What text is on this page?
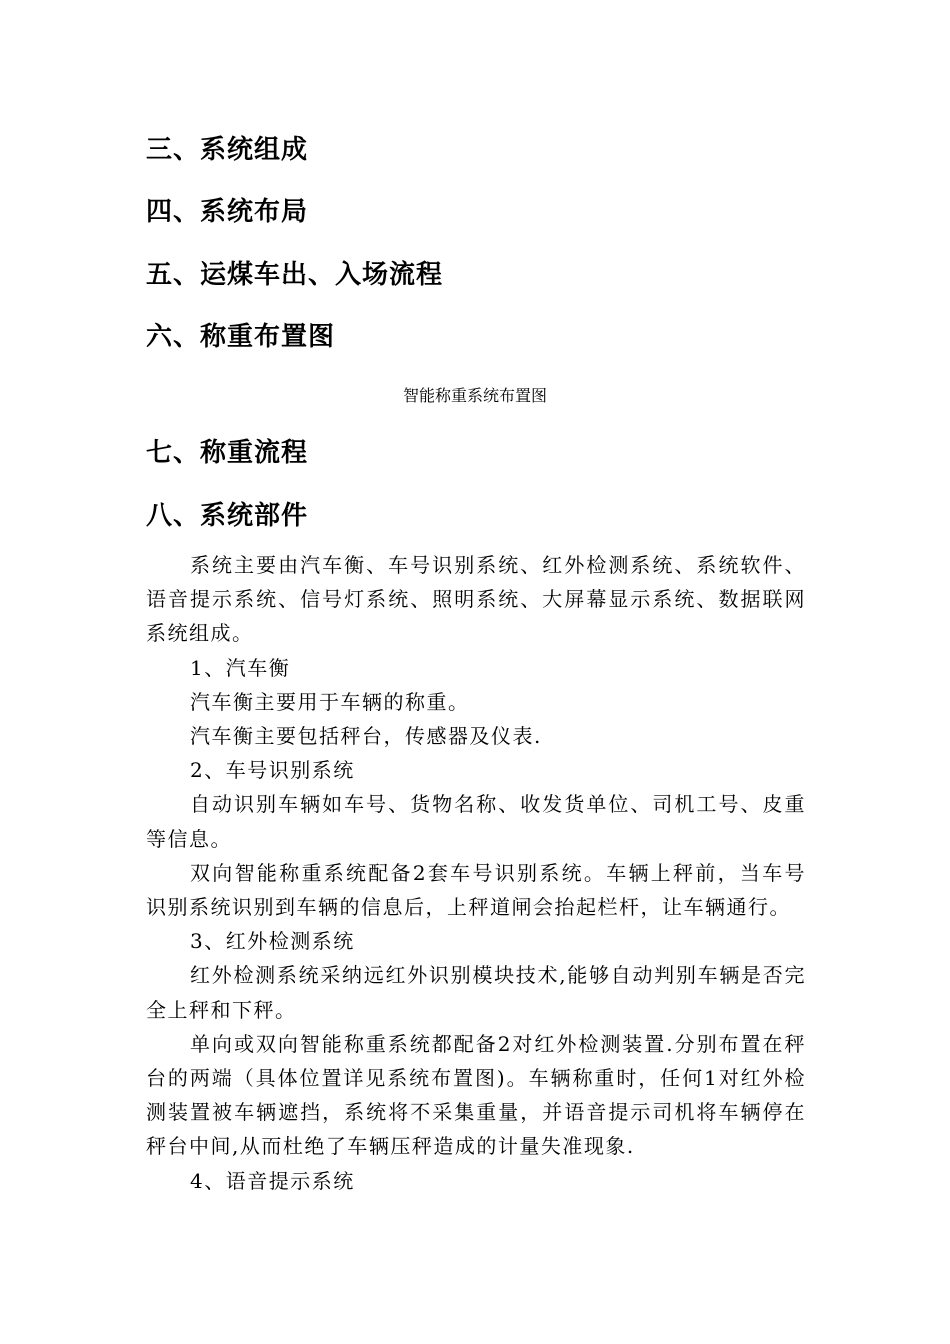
三、系统组成
四、系统布局
五、运煤车出、入场流程
六、称重布置图
智能称重系统布置图
七、称重流程
八、系统部件

系统主要由汽车衡、车号识别系统、红外检测系统、系统软件、语音提示系统、信号灯系统、照明系统、大屏幕显示系统、数据联网系统组成。

1、汽车衡

汽车衡主要用于车辆的称重。

汽车衡主要包括秤台，传感器及仪表.

2、车号识别系统

自动识别车辆如车号、货物名称、收发货单位、司机工号、皮重等信息。

双向智能称重系统配备2套车号识别系统。车辆上秤前，当车号识别系统识别到车辆的信息后，上秤道闸会抬起栏杆，让车辆通行。

3、红外检测系统

红外检测系统采纳远红外识别模块技术,能够自动判别车辆是否完全上秤和下秤。

单向或双向智能称重系统都配备2对红外检测装置.分别布置在秤台的两端（具体位置详见系统布置图)。车辆称重时，任何1对红外检测装置被车辆遮挡，系统将不采集重量，并语音提示司机将车辆停在秤台中间,从而杜绝了车辆压秤造成的计量失准现象.

4、语音提示系统
